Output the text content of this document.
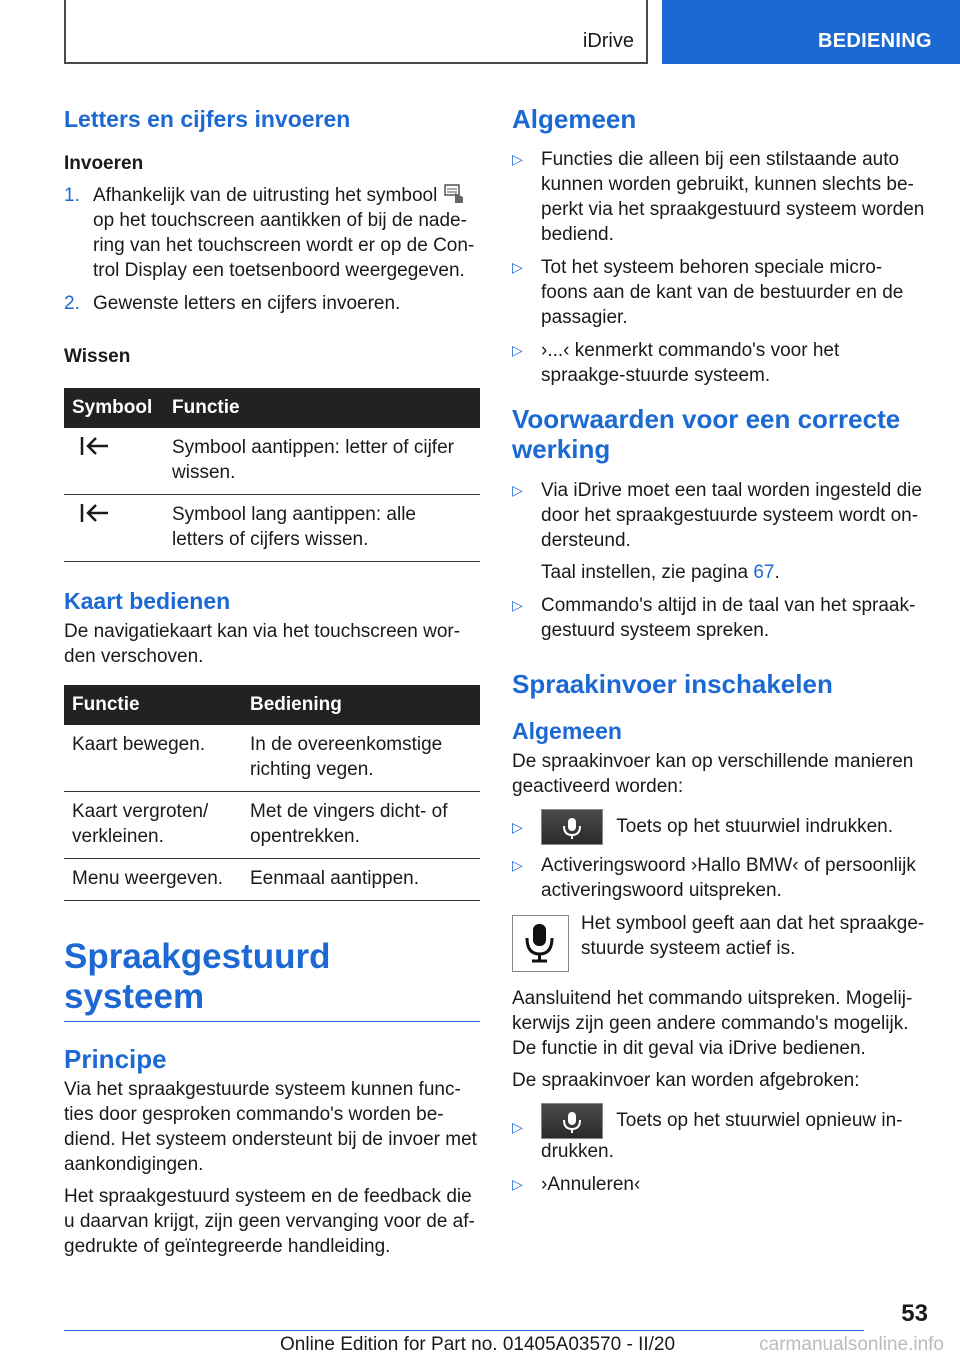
iDrive	BEDIENING
Letters en cijfers invoeren
Invoeren
1. Afhankelijk van de uitrusting het symbool  op het touchscreen aantikken of bij de nade-ring van het touchscreen wordt er op de Con-trol Display een toetsenboord weergegeven.
2. Gewenste letters en cijfers invoeren.
Wissen
Symbool	Functie
	Symbool aantippen: letter of cijfer wissen.
	Symbool lang aantippen: alle letters of cijfers wissen.
Kaart bedienen

De navigatiekaart kan via het touchscreen wor-den verschoven.

Functie	Bediening
Kaart bewegen.	In de overeenkomstige richting vegen.
Kaart vergroten/ verkleinen.	Met de vingers dicht- of opentrekken.
Menu weergeven.	Eenmaal aantippen.
Spraakgestuurd systeem
Principe

Via het spraakgestuurde systeem kunnen func-ties door gesproken commando's worden be-diend. Het systeem ondersteunt bij de invoer met aankondigingen.

Het spraakgestuurd systeem en de feedback die u daarvan krijgt, zijn geen vervanging voor de af-gedrukte of geïntegreerde handleiding.

Algemeen
▷ Functies die alleen bij een stilstaande auto kunnen worden gebruikt, kunnen slechts be-perkt via het spraakgestuurd systeem worden bediend.
▷ Tot het systeem behoren speciale micro-foons aan de kant van de bestuurder en de passagier.
▷ ›...‹ kenmerkt commando's voor het spraakge-stuurde systeem.
Voorwaarden voor een correcte werking
▷ Via iDrive moet een taal worden ingesteld die door het spraakgestuurde systeem wordt on-dersteund.
Taal instellen, zie pagina 67.
▷ Commando's altijd in de taal van het spraak-gestuurd systeem spreken.
Spraakinvoer inschakelen
Algemeen

De spraakinvoer kan op verschillende manieren geactiveerd worden:

▷	Toets op het stuurwiel indrukken.
▷ Activeringswoord ›Hallo BMW‹ of persoonlijk activeringswoord uitspreken.

Het symbool geeft aan dat het spraakge-stuurde systeem actief is.

Aansluitend het commando uitspreken. Mogelij-kerwijs zijn geen andere commando's mogelijk. De functie in dit geval via iDrive bedienen.

De spraakinvoer kan worden afgebroken:

▷	Toets op het stuurwiel opnieuw in-drukken.
▷ ›Annuleren‹
53
Online Edition for Part no. 01405A03570 - II/20	carmanualsonline.info
